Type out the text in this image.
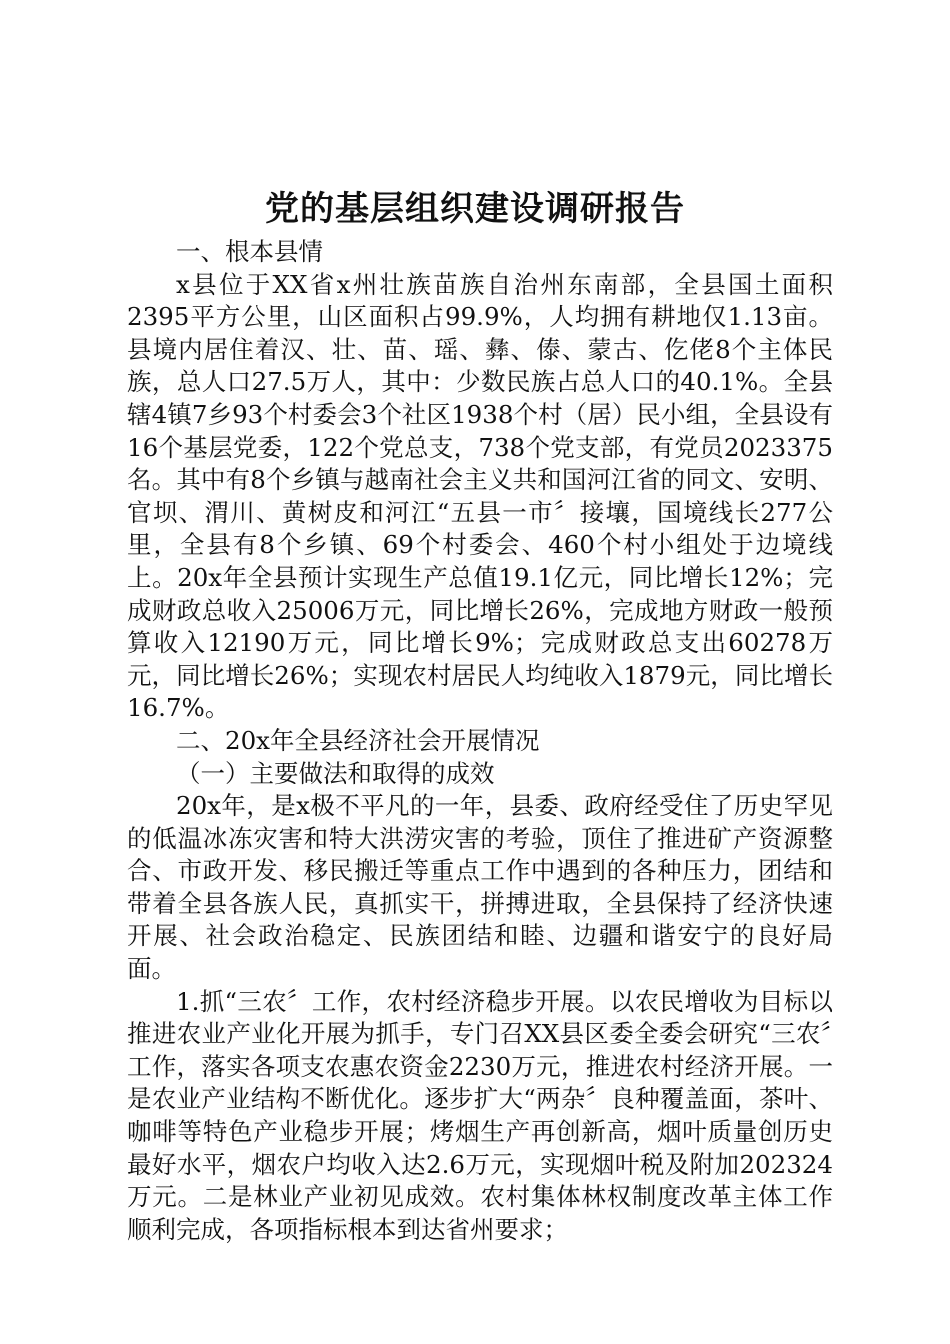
党的基层组织建设调研报告

一、根本县情

x县位于XX省x州壮族苗族自治州东南部，全县国土面积2395平方公里，山区面积占99.9%，人均拥有耕地仅1.13亩。县境内居住着汉、壮、苗、瑶、彝、傣、蒙古、仡佬8个主体民族，总人口27.5万人，其中：少数民族占总人口的40.1%。全县辖4镇7乡93个村委会3个社区1938个村（居）民小组，全县设有16个基层党委，122个党总支，738个党支部，有党员2023375名。其中有8个乡镇与越南社会主义共和国河江省的同文、安明、官坝、渭川、黄树皮和河江“五县一市〞接壤，国境线长277公里，全县有8个乡镇、69个村委会、460个村小组处于边境线上。20x年全县预计实现生产总值19.1亿元，同比增长12%；完成财政总收入25006万元，同比增长26%，完成地方财政一般预算收入12190万元，同比增长9%；完成财政总支出60278万元，同比增长26%；实现农村居民人均纯收入1879元，同比增长16.7%。

二、20x年全县经济社会开展情况

（一）主要做法和取得的成效

20x年，是x极不平凡的一年，县委、政府经受住了历史罕见的低温冰冻灾害和特大洪涝灾害的考验，顶住了推进矿产资源整合、市政开发、移民搬迁等重点工作中遇到的各种压力，团结和带着全县各族人民，真抓实干，拼搏进取，全县保持了经济快速开展、社会政治稳定、民族团结和睦、边疆和谐安宁的良好局面。

1.抓“三农〞工作，农村经济稳步开展。以农民增收为目标以推进农业产业化开展为抓手，专门召XX县区委全委会研究“三农〞工作，落实各项支农惠农资金2230万元，推进农村经济开展。一是农业产业结构不断优化。逐步扩大“两杂〞良种覆盖面，茶叶、咖啡等特色产业稳步开展；烤烟生产再创新高，烟叶质量创历史最好水平，烟农户均收入达2.6万元，实现烟叶税及附加202324万元。二是林业产业初见成效。农村集体林权制度改革主体工作顺利完成，各项指标根本到达省州要求；
